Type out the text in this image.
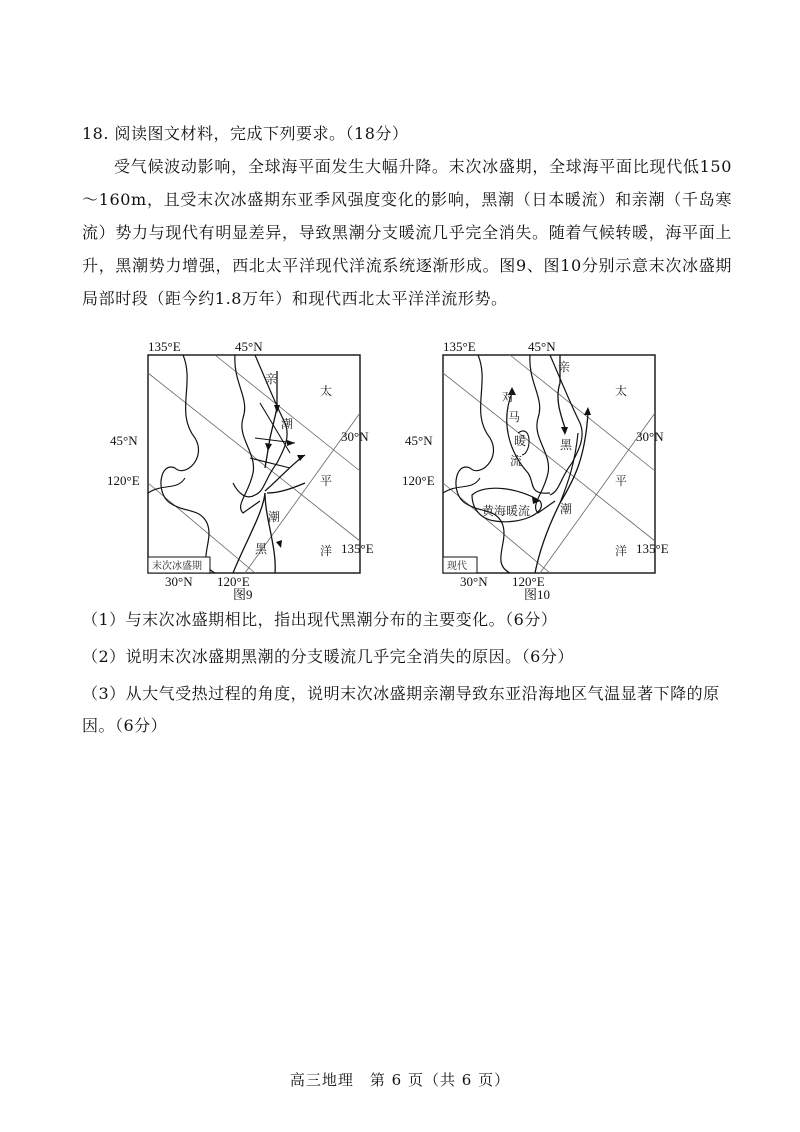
18. 阅读图文材料，完成下列要求。（18分）
受气候波动影响，全球海平面发生大幅升降。末次冰盛期，全球海平面比现代低150～160m，且受末次冰盛期东亚季风强度变化的影响，黑潮（日本暖流）和亲潮（千岛寒流）势力与现代有明显差异，导致黑潮分支暖流几乎完全消失。随着气候转暖，海平面上升，黑潮势力增强，西北太平洋现代洋流系统逐渐形成。图9、图10分别示意末次冰盛期局部时段（距今约1.8万年）和现代西北太平洋洋流形势。
135°E	45°N
45°N
120°E
30°N
135°E
30°N 120°E
亲
潮
潮
黑
太
平
洋
末次冰盛期
图9
135°E	45°N
45°N
120°E
30°N
135°E
30°N 120°E
亲
对
马
暖
流
黄海暖流
黑
潮
太
平
洋
现代
图10
（1）与末次冰盛期相比，指出现代黑潮分布的主要变化。（6分）
（2）说明末次冰盛期黑潮的分支暖流几乎完全消失的原因。（6分）
（3）从大气受热过程的角度，说明末次冰盛期亲潮导致东亚沿海地区气温显著下降的原因。（6分）
高三地理　第 6 页（共 6 页）
